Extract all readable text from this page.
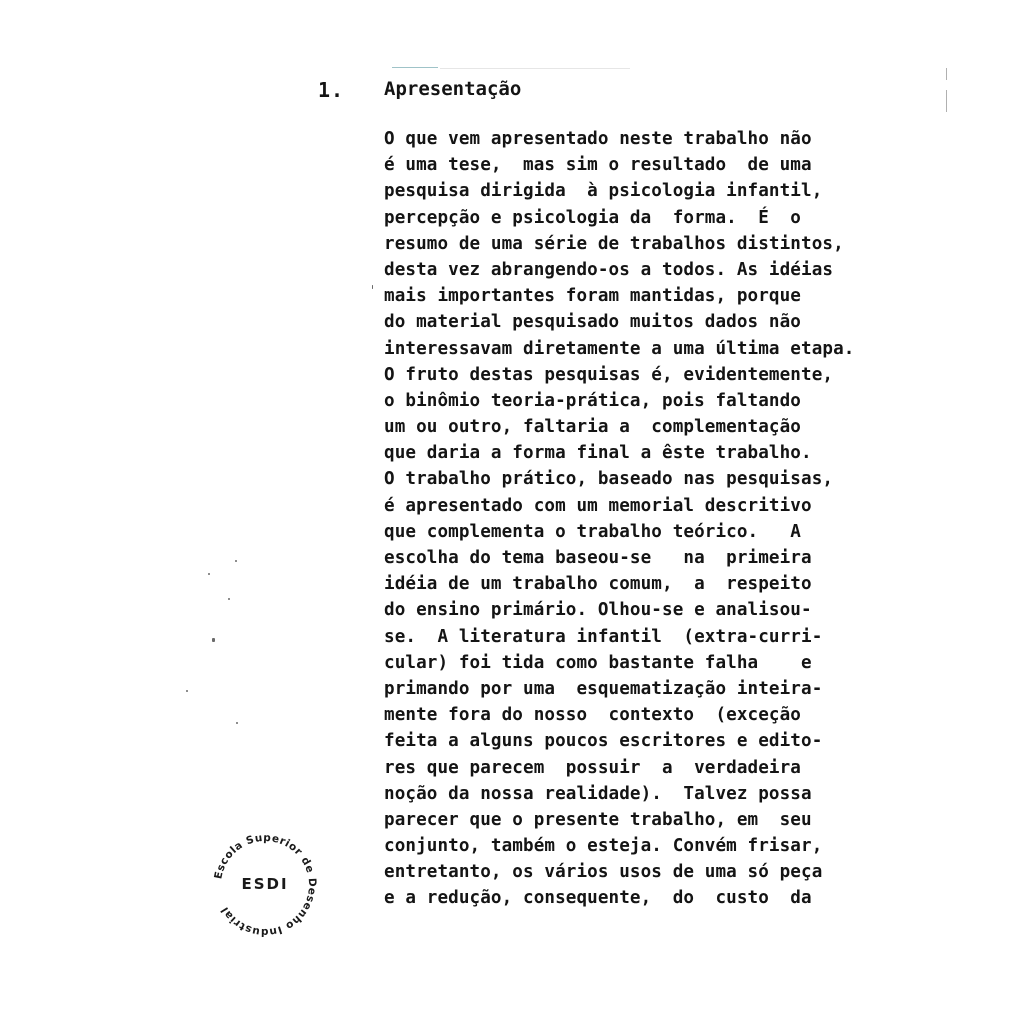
1. Apresentação
O que vem apresentado neste trabalho não
é uma tese,  mas sim o resultado  de uma
pesquisa dirigida  à psicologia infantil,
percepção e psicologia da  forma.  É  o
resumo de uma série de trabalhos distintos,
desta vez abrangendo-os a todos. As idéias
mais importantes foram mantidas, porque
do material pesquisado muitos dados não
interessavam diretamente a uma última etapa.
O fruto destas pesquisas é, evidentemente,
o binômio teoria-prática, pois faltando
um ou outro, faltaria a  complementação
que daria a forma final a êste trabalho.
O trabalho prático, baseado nas pesquisas,
é apresentado com um memorial descritivo
que complementa o trabalho teórico.   A
escolha do tema baseou-se   na  primeira
idéia de um trabalho comum,  a  respeito
do ensino primário. Olhou-se e analisou-
se.  A literatura infantil  (extra-curri-
cular) foi tida como bastante falha    e
primando por uma  esquematização inteira-
mente fora do nosso  contexto  (exceção
feita a alguns poucos escritores e edito-
res que parecem  possuir  a  verdadeira
noção da nossa realidade).  Talvez possa
parecer que o presente trabalho, em  seu
conjunto, também o esteja. Convém frisar,
entretanto, os vários usos de uma só peça
e a redução, consequente,  do  custo  da
Escola Superior de Desenho Industrial
ESDI
